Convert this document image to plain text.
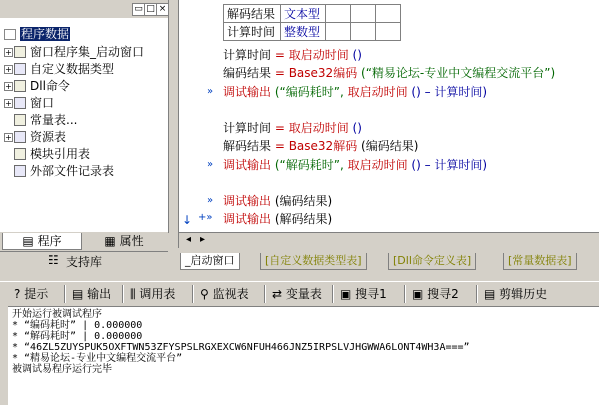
▭ □ ×
程序数据
+ 窗口程序集_启动窗口
+ 自定义数据类型
+ Dll命令
+ 窗口
常量表...
+ 资源表
模块引用表
外部文件记录表
▤ 程序	▦ 属性
☷ 支持库
解码结果	文本型			
计算时间	整数型			
计算时间 = 取启动时间 ()
编码结果 = Base32编码 (“精易论坛-专业中文编程交流平台”)
» 调试输出 (“编码耗时”, 取启动时间 () – 计算时间)
计算时间 = 取启动时间 ()
解码结果 = Base32解码 (编码结果)
» 调试输出 (“解码耗时”, 取启动时间 () – 计算时间)
» 调试输出 (编码结果)
↓ +» 调试输出 (解码结果)
◂ ▸
_启动窗口	[自定义数据类型表]	[Dll命令定义表]	[常量数据表]
? 提示 ▤ 输出 ⫼ 调用表 ⚲ 监视表 ⇄ 变量表 ▣ 搜寻1 ▣ 搜寻2 ▤ 剪辑历史
开始运行被调试程序
* “编码耗时” | 0.000000
* “解码耗时” | 0.000000
* “46ZL5ZUYSPUK5OXFTWN53ZFYSPSLRGXEXCW6NFUH466JNZ5IRPSLVJHGWWA6LONT4WH3A===”
* “精易论坛-专业中文编程交流平台”
被调试易程序运行完毕
